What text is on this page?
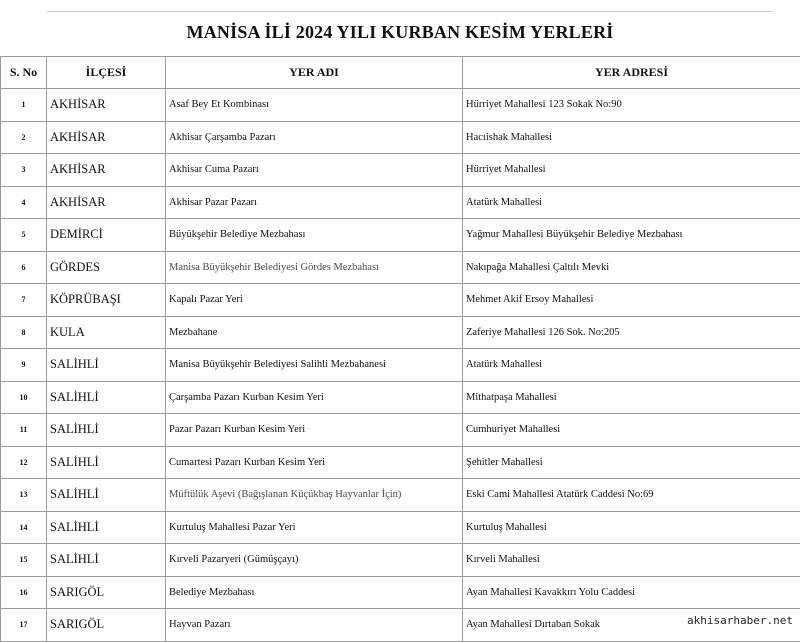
MANİSA İLİ 2024 YILI KURBAN KESİM YERLERİ
S. No	İLÇESİ	YER ADI	YER ADRESİ
1	AKHİSAR	Asaf Bey Et Kombinası	Hürriyet Mahallesi 123 Sokak No:90
2	AKHİSAR	Akhisar Çarşamba Pazarı	Hacıishak Mahallesi
3	AKHİSAR	Akhisar Cuma Pazarı	Hürriyet Mahallesi
4	AKHİSAR	Akhisar Pazar Pazarı	Atatürk Mahallesi
5	DEMİRCİ	Büyükşehir Belediye Mezbahası	Yağmur Mahallesi Büyükşehir Belediye Mezbahası
6	GÖRDES	Manisa Büyükşehir Belediyesi Gördes Mezbahası	Nakıpağa Mahallesi Çaltılı Mevki
7	KÖPRÜBAŞI	Kapalı Pazar Yeri	Mehmet Akif Ersoy Mahallesi
8	KULA	Mezbahane	Zaferiye Mahallesi 126 Sok. No:205
9	SALİHLİ	Manisa Büyükşehir Belediyesi Salihli Mezbahanesi	Atatürk Mahallesi
10	SALİHLİ	Çarşamba Pazarı Kurban Kesim Yeri	Mithatpaşa Mahallesi
11	SALİHLİ	Pazar Pazarı Kurban Kesim Yeri	Cumhuriyet Mahallesi
12	SALİHLİ	Cumartesi Pazarı Kurban Kesim Yeri	Şehitler Mahallesi
13	SALİHLİ	Müftülük Aşevi (Bağışlanan Küçükbaş Hayvanlar İçin)	Eski Cami Mahallesi Atatürk Caddesi No:69
14	SALİHLİ	Kurtuluş Mahallesi Pazar Yeri	Kurtuluş Mahallesi
15	SALİHLİ	Kırveli Pazaryeri (Gümüşçayı)	Kırveli Mahallesi
16	SARIGÖL	Belediye Mezbahası	Ayan Mahallesi Kavakkırı Yolu Caddesi
17	SARIGÖL	Hayvan Pazarı	Ayan Mahallesi Dırtaban Sokak	akhisarhaber.net
